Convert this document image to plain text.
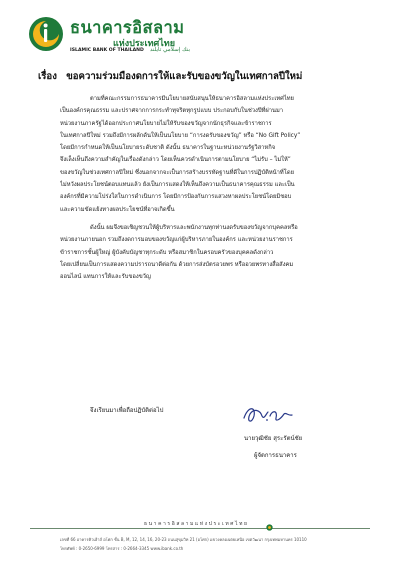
ธนาคารอิสลาม
แห่งประเทศไทย
ISLAMIC BANK OF THAILAND بنك إسلامي تايلند
เรื่อง ขอความร่วมมืองดการให้และรับของขวัญในเทศกาลปีใหม่
ตามที่คณะกรรมการธนาคารมีนโยบายสนับสนุนให้ธนาคารอิสลามแห่งประเทศไทย
เป็นองค์กรคุณธรรม และปราศจากการกระทำทุจริตทุกรูปแบบ ประกอบกับในช่วงปีที่ผ่านมา
หน่วยงานภาครัฐได้ออกประกาศนโยบายไม่ให้รับของขวัญจากนักธุรกิจและข้าราชการ
ในเทศกาลปีใหม่ รวมถึงมีการผลักดันให้เป็นนโยบาย “การงดรับของขวัญ” หรือ “No Gift Policy”
โดยมีการกำหนดให้เป็นนโยบายระดับชาติ ดังนั้น ธนาคารในฐานะหน่วยงานรัฐวิสาหกิจ
จึงเล็งเห็นถึงความสำคัญในเรื่องดังกล่าว โดยเห็นควรดำเนินการตามนโยบาย “ไม่รับ – ไม่ให้”
ของขวัญในช่วงเทศกาลปีใหม่ ซึ่งนอกจากจะเป็นการสร้างบรรทัดฐานที่ดีในการปฏิบัติหน้าที่โดย
ไม่หวังผลประโยชน์ตอบแทนแล้ว ยังเป็นการแสดงให้เห็นถึงความเป็นธนาคารคุณธรรม และเป็น
องค์กรที่มีความโปร่งใสในการดำเนินการ โดยมีการป้องกันการแสวงหาผลประโยชน์โดยมิชอบ
และความขัดแย้งทางผลประโยชน์ที่อาจเกิดขึ้น
ดังนั้น ผมจึงขอเชิญชวนให้ผู้บริหารและพนักงานทุกท่านงดรับของขวัญจากบุคคลหรือ
หน่วยงานภายนอก รวมถึงงดการมอบของขวัญแก่ผู้บริหารภายในองค์กร และหน่วยงานราชการ
ข้าราชการชั้นผู้ใหญ่ ผู้บังคับบัญชาทุกระดับ หรือสมาชิกในครอบครัวของบุคคลดังกล่าว
โดยเปลี่ยนเป็นการแสดงความปรารถนาดีต่อกัน ด้วยการส่งบัตรอวยพร หรืออวยพรทางสื่อสังคม
ออนไลน์ แทนการให้และรับของขวัญ
จึงเรียนมาเพื่อถือปฏิบัติต่อไป
นายวุฒิชัย สุระรัตน์ชัย
ผู้จัดการธนาคาร
ธนาคารอิสลามแห่งประเทศไทย
เลขที่ 66 อาคารคิวเฮ้าส์ อโศก ชั้น B, M, 12, 14, 16, 20-23 ถนนสุขุมวิท 21 (อโศก) แขวงคลองเตยเหนือ เขตวัฒนา กรุงเทพมหานคร 10110
โทรศัพท์ : 0-2650-6999 โทรสาร : 0-2664-3345 www.ibank.co.th
